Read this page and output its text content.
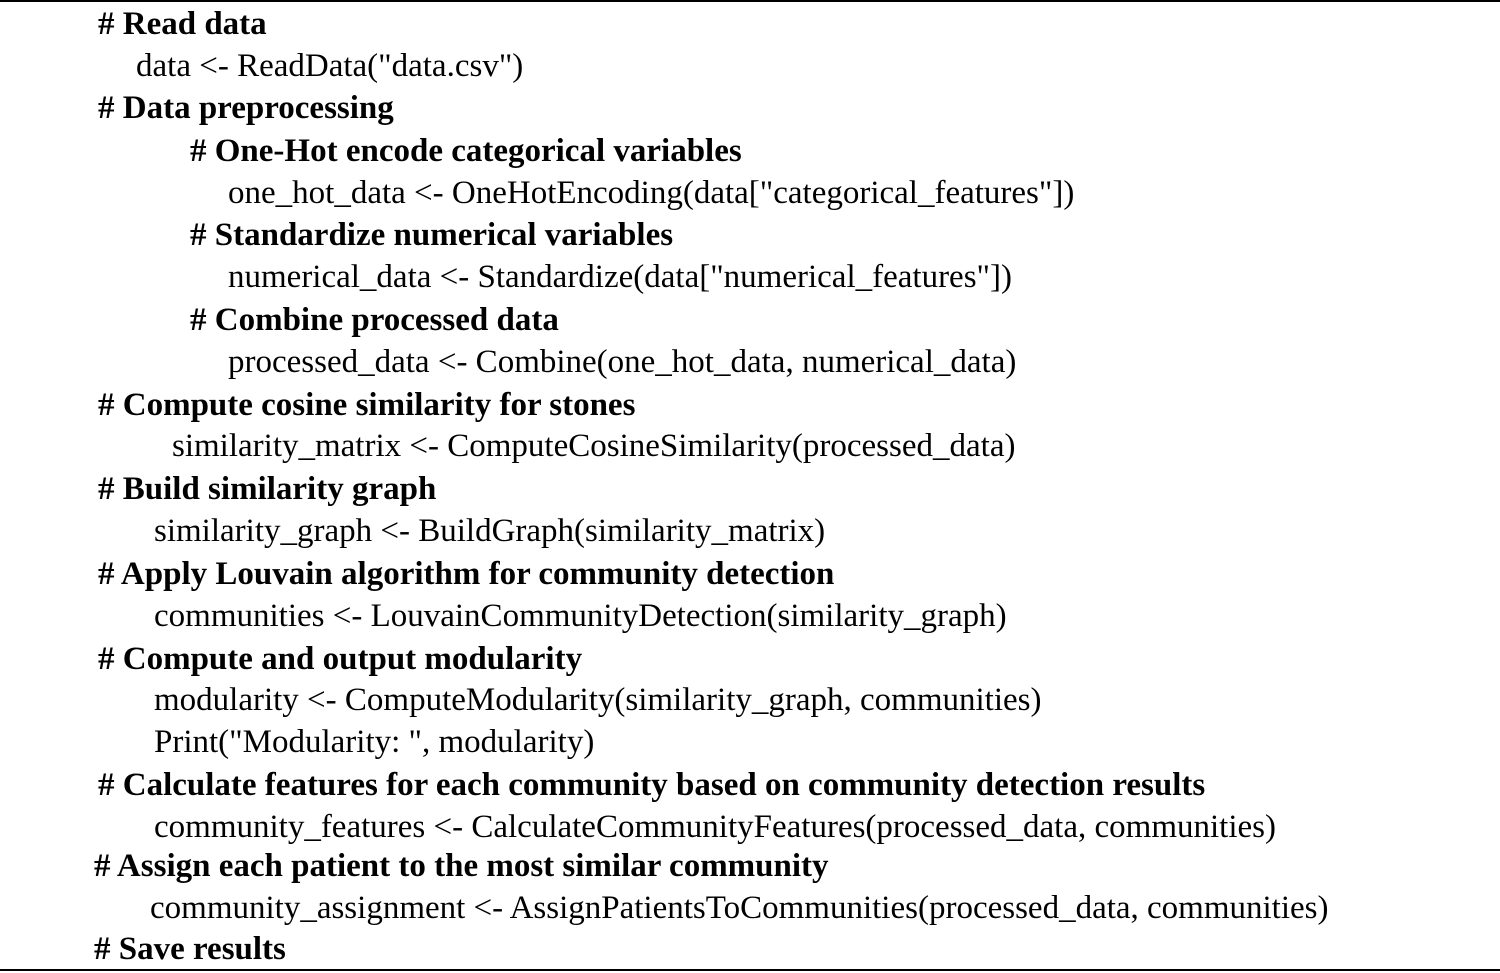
# Read data
data <- ReadData("data.csv")
# Data preprocessing
# One-Hot encode categorical variables
one_hot_data <- OneHotEncoding(data["categorical_features"])
# Standardize numerical variables
numerical_data <- Standardize(data["numerical_features"])
# Combine processed data
processed_data <- Combine(one_hot_data, numerical_data)
# Compute cosine similarity for stones
similarity_matrix <- ComputeCosineSimilarity(processed_data)
# Build similarity graph
similarity_graph <- BuildGraph(similarity_matrix)
# Apply Louvain algorithm for community detection
communities <- LouvainCommunityDetection(similarity_graph)
# Compute and output modularity
modularity <- ComputeModularity(similarity_graph, communities)
Print("Modularity: ", modularity)
# Calculate features for each community based on community detection results
community_features <- CalculateCommunityFeatures(processed_data, communities)
# Assign each patient to the most similar community
community_assignment <- AssignPatientsToCommunities(processed_data, communities)
# Save results
